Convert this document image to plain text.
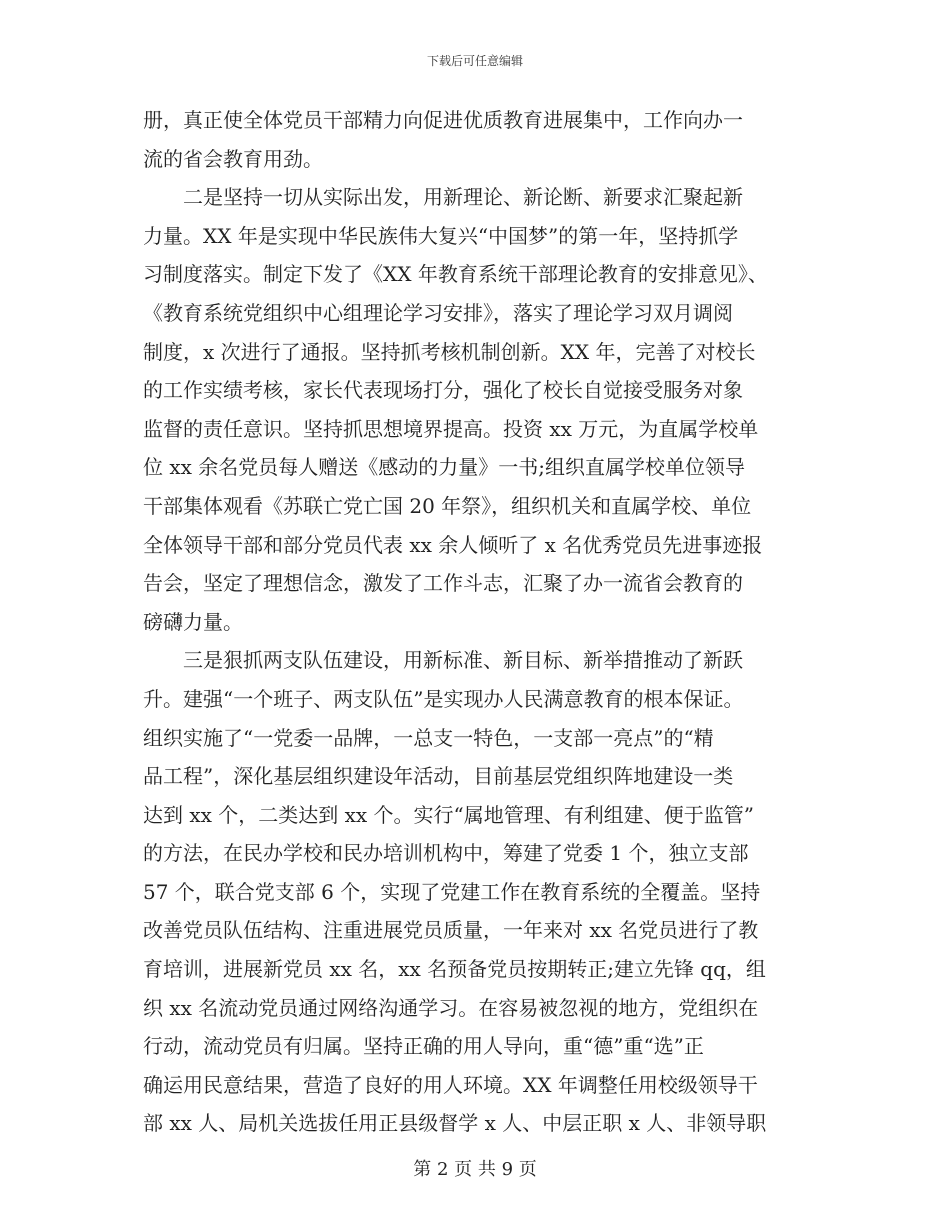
下载后可任意编辑
册，真正使全体党员干部精力向促进优质教育进展集中，工作向办一
流的省会教育用劲。
　　二是坚持一切从实际出发，用新理论、新论断、新要求汇聚起新
力量。XX 年是实现中华民族伟大复兴“中国梦”的第一年，坚持抓学
习制度落实。制定下发了《XX 年教育系统干部理论教育的安排意见》、
《教育系统党组织中心组理论学习安排》，落实了理论学习双月调阅
制度，x 次进行了通报。坚持抓考核机制创新。XX 年，完善了对校长
的工作实绩考核，家长代表现场打分，强化了校长自觉接受服务对象
监督的责任意识。坚持抓思想境界提高。投资 xx 万元，为直属学校单
位 xx 余名党员每人赠送《感动的力量》一书;组织直属学校单位领导
干部集体观看《苏联亡党亡国 20 年祭》，组织机关和直属学校、单位
全体领导干部和部分党员代表 xx 余人倾听了 x 名优秀党员先进事迹报
告会，坚定了理想信念，激发了工作斗志，汇聚了办一流省会教育的
磅礴力量。
　　三是狠抓两支队伍建设，用新标准、新目标、新举措推动了新跃
升。建强“一个班子、两支队伍”是实现办人民满意教育的根本保证。
组织实施了“一党委一品牌，一总支一特色，一支部一亮点”的“精
品工程”，深化基层组织建设年活动，目前基层党组织阵地建设一类
达到 xx 个，二类达到 xx 个。实行“属地管理、有利组建、便于监管”
的方法，在民办学校和民办培训机构中，筹建了党委 1 个，独立支部
57 个，联合党支部 6 个，实现了党建工作在教育系统的全覆盖。坚持
改善党员队伍结构、注重进展党员质量，一年来对 xx 名党员进行了教
育培训，进展新党员 xx 名，xx 名预备党员按期转正;建立先锋 qq，组
织 xx 名流动党员通过网络沟通学习。在容易被忽视的地方，党组织在
行动，流动党员有归属。坚持正确的用人导向，重“德”重“选”正
确运用民意结果，营造了良好的用人环境。XX 年调整任用校级领导干
部 xx 人、局机关选拔任用正县级督学 x 人、中层正职 x 人、非领导职
第 2 页 共 9 页
